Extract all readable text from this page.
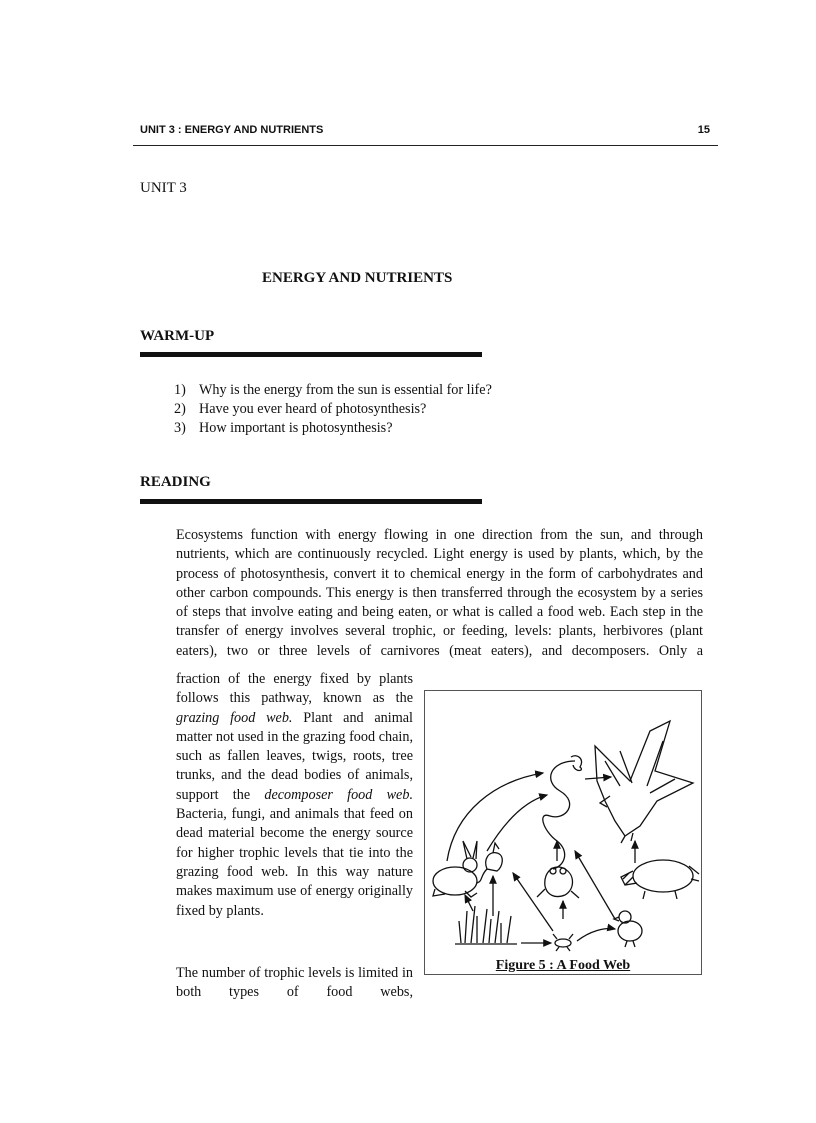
UNIT 3 : ENERGY AND NUTRIENTS	15
UNIT 3
ENERGY AND NUTRIENTS
WARM-UP
1) Why is the energy from the sun is essential for life?
2) Have you ever heard of photosynthesis?
3) How important is photosynthesis?
READING

Ecosystems function with energy flowing in one direction from the sun, and through nutrients, which are continuously recycled. Light energy is used by plants, which, by the process of photosynthesis, convert it to chemical energy in the form of carbohydrates and other carbon compounds. This energy is then transferred through the ecosystem by a series of steps that involve eating and being eaten, or what is called a food web. Each step in the transfer of energy involves several trophic, or feeding, levels: plants, herbivores (plant eaters), two or three levels of carnivores (meat eaters), and decomposers. Only a

fraction of the energy fixed by plants follows this pathway, known as the grazing food web. Plant and animal matter not used in the grazing food chain, such as fallen leaves, twigs, roots, tree trunks, and the dead bodies of animals, support the decomposer food web. Bacteria, fungi, and animals that feed on dead material become the energy source for higher trophic levels that tie into the grazing food web. In this way nature makes maximum use of energy originally fixed by plants.

Figure 5 : A Food Web

The number of trophic levels is limited in both types of food webs,
